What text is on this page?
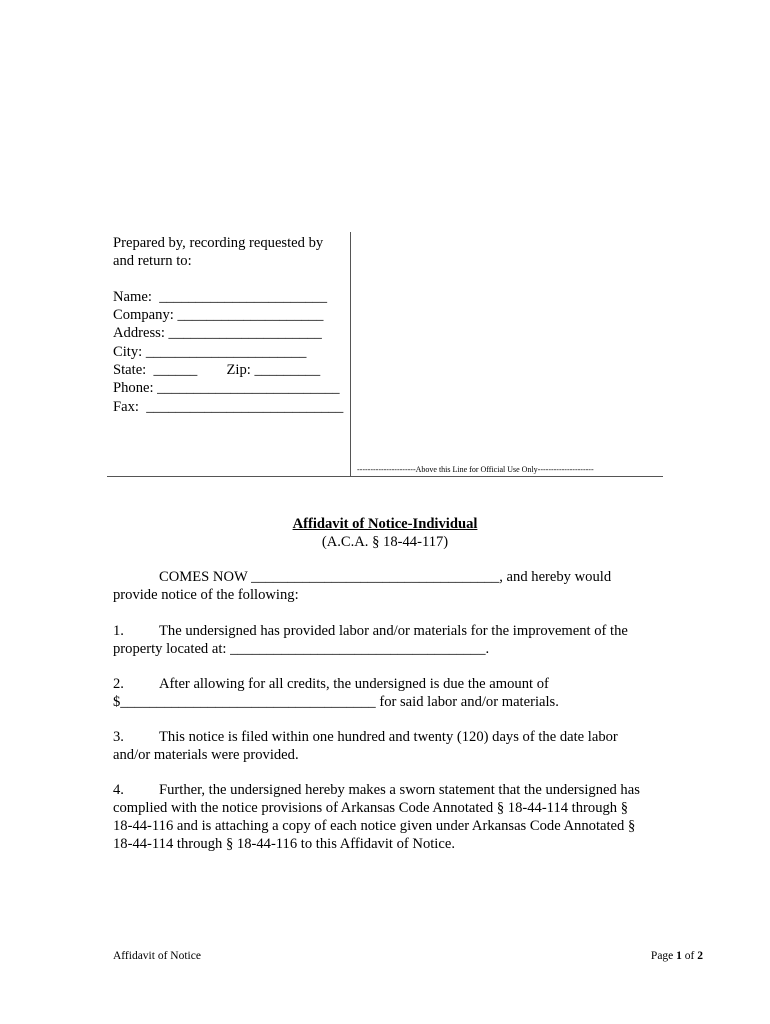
Prepared by, recording requested by
and return to:
Name:  _______________________
Company: ____________________
Address: _____________________
City: ______________________
State:  ______        Zip: _________
Phone: _________________________
Fax:  ___________________________
----------------------Above this Line for Official Use Only---------------------
Affidavit of Notice-Individual
(A.C.A. § 18-44-117)
COMES NOW __________________________________, and hereby would
provide notice of the following:
1. The undersigned has provided labor and/or materials for the improvement of the
property located at: ___________________________________.
2. After allowing for all credits, the undersigned is due the amount of
$___________________________________ for said labor and/or materials.
3. This notice is filed within one hundred and twenty (120) days of the date labor
and/or materials were provided.
4. Further, the undersigned hereby makes a sworn statement that the undersigned has
complied with the notice provisions of Arkansas Code Annotated § 18-44-114 through §
18-44-116 and is attaching a copy of each notice given under Arkansas Code Annotated §
18-44-114 through § 18-44-116 to this Affidavit of Notice.
Affidavit of Notice	Page 1 of 2
